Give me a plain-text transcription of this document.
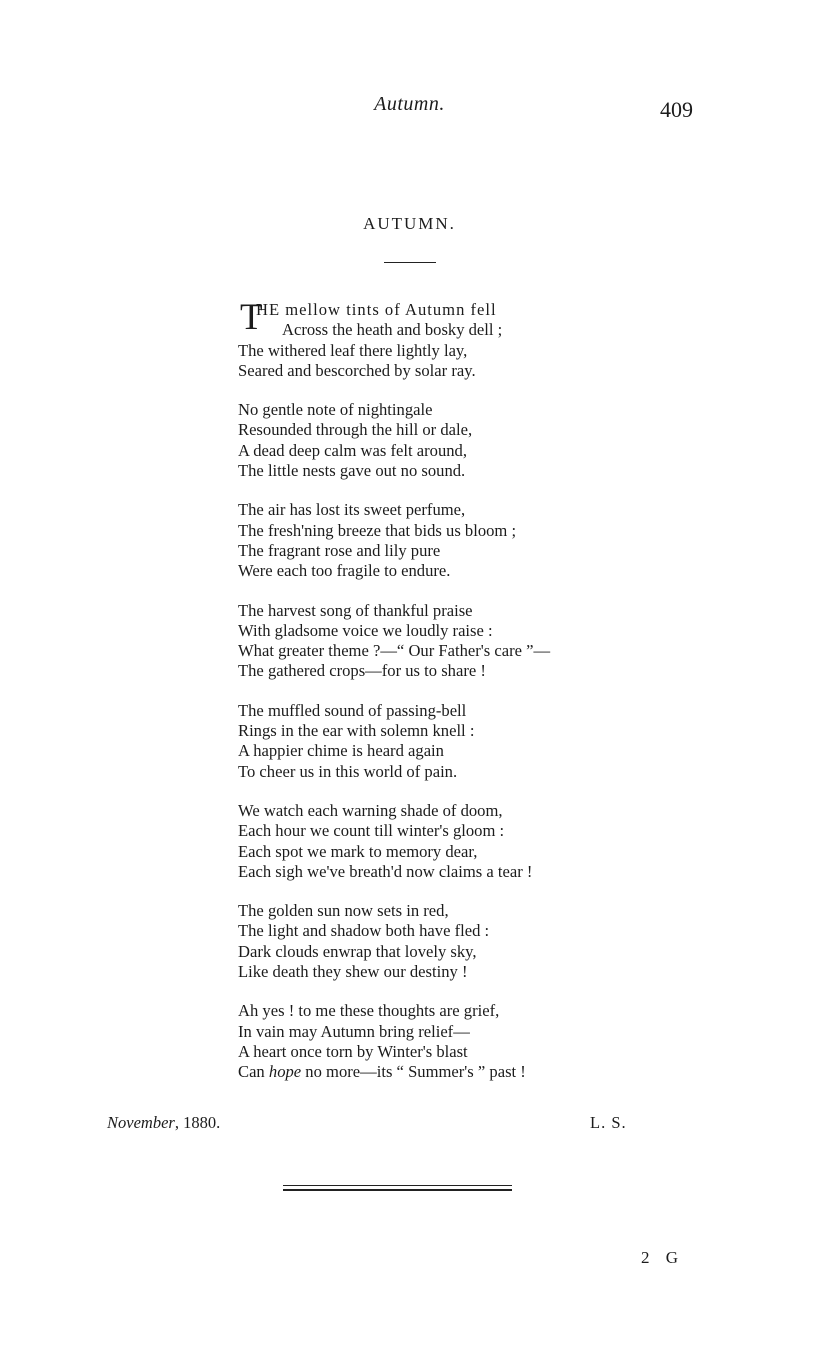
Autumn.	409
AUTUMN.
T
HE mellow tints of Autumn fell
Across the heath and bosky dell ;
The withered leaf there lightly lay,
Seared and bescorched by solar ray.
No gentle note of nightingale
Resounded through the hill or dale,
A dead deep calm was felt around,
The little nests gave out no sound.
The air has lost its sweet perfume,
The fresh'ning breeze that bids us bloom ;
The fragrant rose and lily pure
Were each too fragile to endure.
The harvest song of thankful praise
With gladsome voice we loudly raise :
What greater theme ?—“ Our Father's care ”—
The gathered crops—for us to share !
The muffled sound of passing-bell
Rings in the ear with solemn knell :
A happier chime is heard again
To cheer us in this world of pain.
We watch each warning shade of doom,
Each hour we count till winter's gloom :
Each spot we mark to memory dear,
Each sigh we've breath'd now claims a tear !
The golden sun now sets in red,
The light and shadow both have fled :
Dark clouds enwrap that lovely sky,
Like death they shew our destiny !
Ah yes ! to me these thoughts are grief,
In vain may Autumn bring relief—
A heart once torn by Winter's blast
Can hope no more—its “ Summer's ” past !
November, 1880.	L. S.
2 G
